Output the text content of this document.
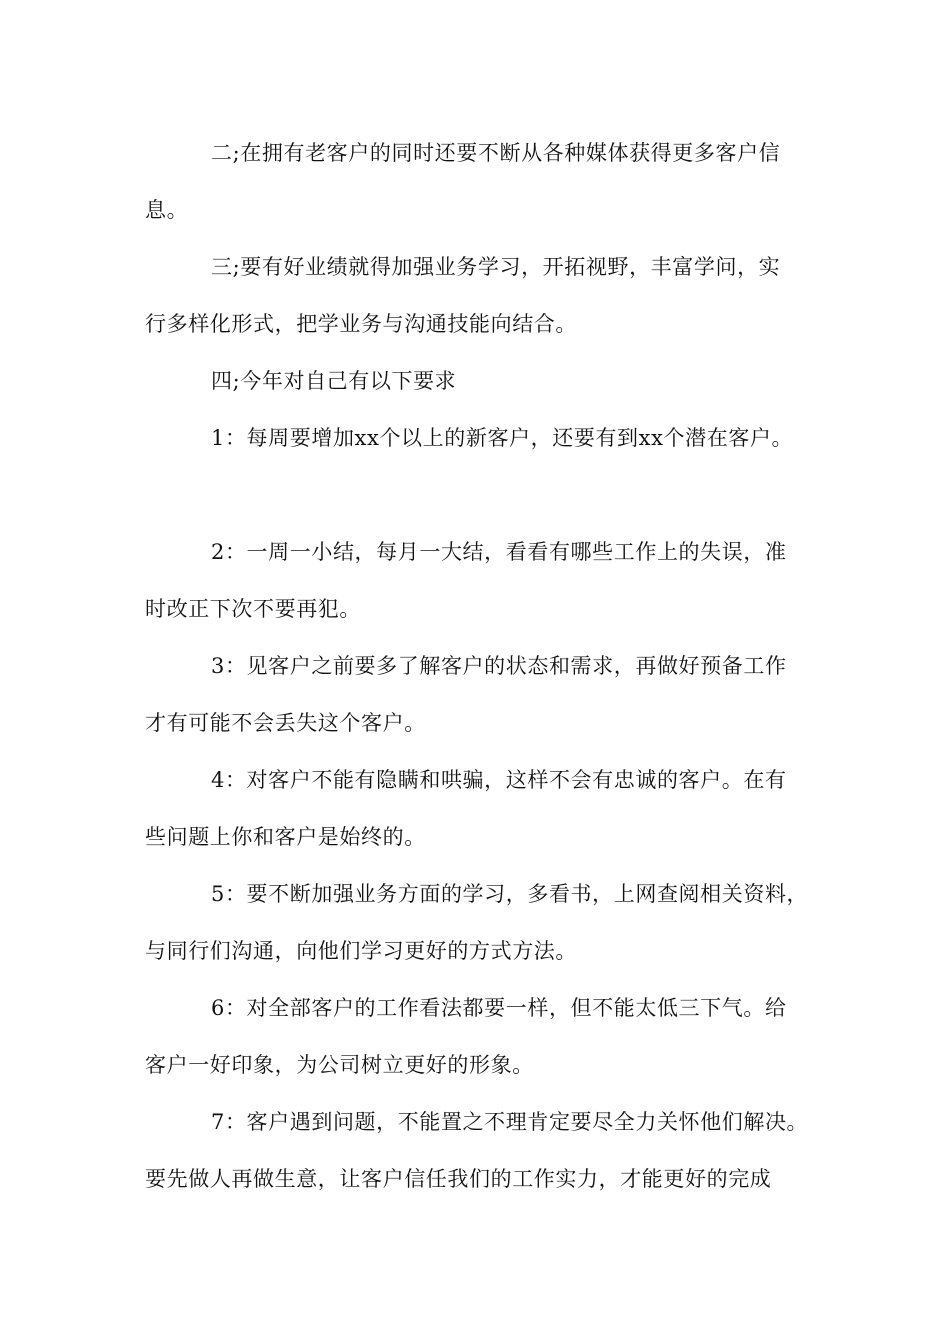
二;在拥有老客户的同时还要不断从各种媒体获得更多客户信
息。
三;要有好业绩就得加强业务学习，开拓视野，丰富学问，实
行多样化形式，把学业务与沟通技能向结合。
四;今年对自己有以下要求
1：每周要增加xx个以上的新客户，还要有到xx个潜在客户。
2：一周一小结，每月一大结，看看有哪些工作上的失误，准
时改正下次不要再犯。
3：见客户之前要多了解客户的状态和需求，再做好预备工作
才有可能不会丢失这个客户。
4：对客户不能有隐瞒和哄骗，这样不会有忠诚的客户。在有
些问题上你和客户是始终的。
5：要不断加强业务方面的学习，多看书，上网查阅相关资料，
与同行们沟通，向他们学习更好的方式方法。
6：对全部客户的工作看法都要一样，但不能太低三下气。给
客户一好印象，为公司树立更好的形象。
7：客户遇到问题，不能置之不理肯定要尽全力关怀他们解决。
要先做人再做生意，让客户信任我们的工作实力，才能更好的完成
